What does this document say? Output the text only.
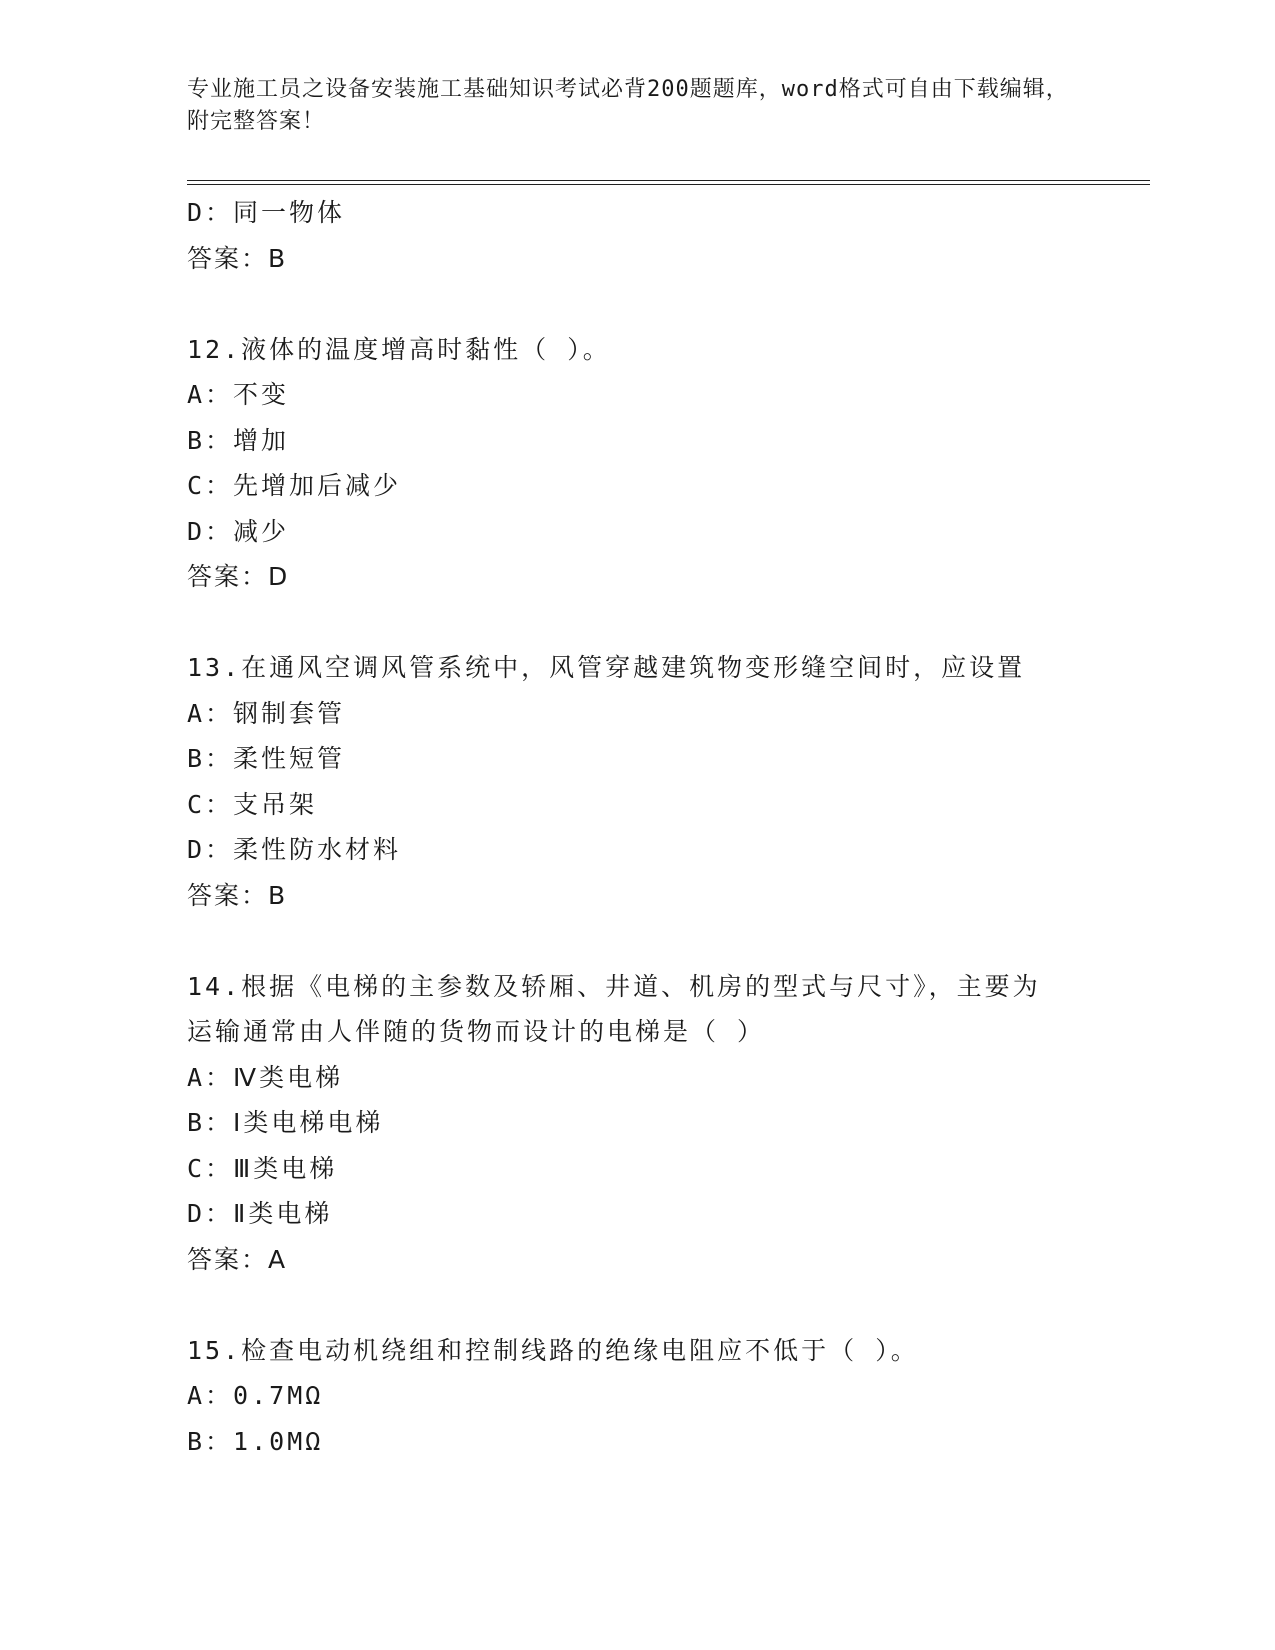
专业施工员之设备安装施工基础知识考试必背200题题库，word格式可自由下载编辑，附完整答案！
D：同一物体
答案：B
12.液体的温度增高时黏性（ ）。
A：不变
B：增加
C：先增加后减少
D：减少
答案：D
13.在通风空调风管系统中，风管穿越建筑物变形缝空间时，应设置
A：钢制套管
B：柔性短管
C：支吊架
D：柔性防水材料
答案：B
14.根据《电梯的主参数及轿厢、井道、机房的型式与尺寸》，主要为
运输通常由人伴随的货物而设计的电梯是（ ）
A：Ⅳ类电梯
B：Ⅰ类电梯电梯
C：Ⅲ类电梯
D：Ⅱ类电梯
答案：A
15.检查电动机绕组和控制线路的绝缘电阻应不低于（ ）。
A：0.7MΩ
B：1.0MΩ
